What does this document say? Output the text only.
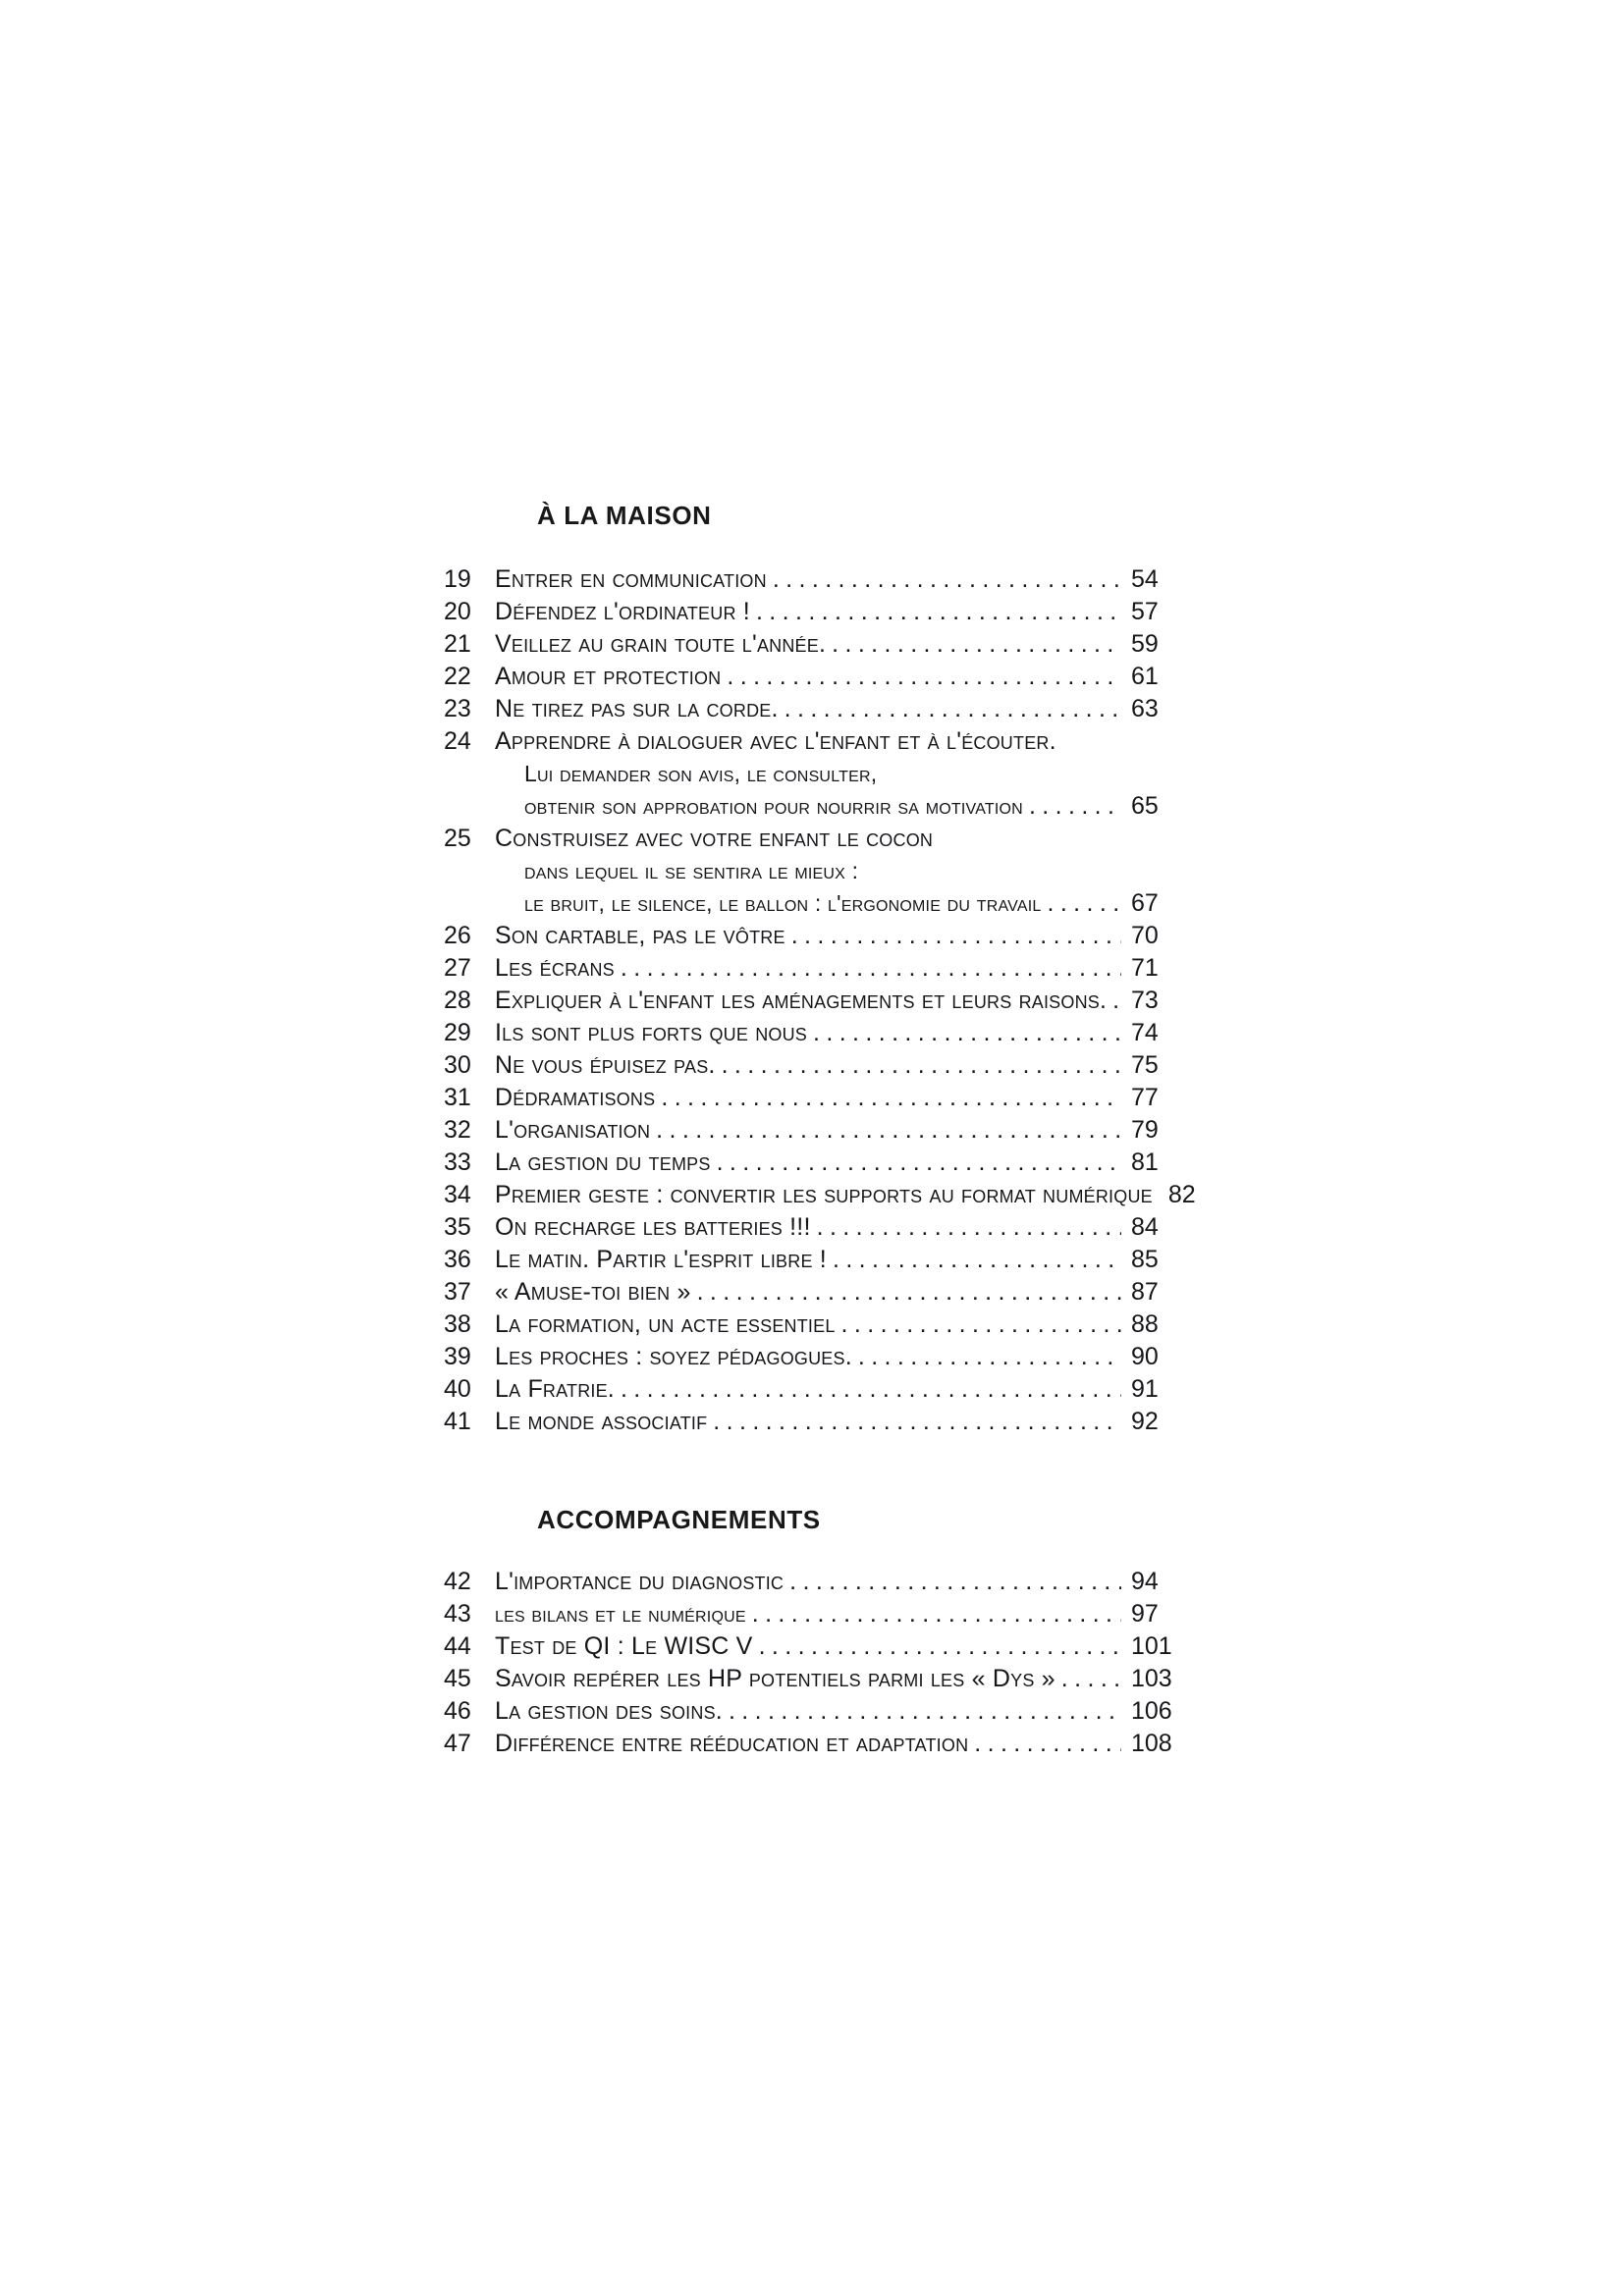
À LA MAISON
19 Entrer en communication .....	54
20 Défendez l'ordinateur ! .....	57
21 Veillez au grain toute l'année. .....	59
22 Amour et protection .....	61
23 Ne tirez pas sur la corde. .....	63
24 Apprendre à dialoguer avec l'enfant et à l'écouter.
Lui demander son avis, le consulter,
obtenir son approbation pour nourrir sa motivation .....	65
25 Construisez avec votre enfant le cocon
dans lequel il se sentira le mieux :
le bruit, le silence, le ballon : l'ergonomie du travail .....	67
26 Son cartable, pas le vôtre .....	70
27 Les écrans .....	71
28 Expliquer à l'enfant les aménagements et leurs raisons. ..... 73
29 Ils sont plus forts que nous .....	74
30 Ne vous épuisez pas. .....	75
31 Dédramatisons .....	77
32 L'organisation .....	79
33 La gestion du temps .....	81
34 Premier geste : convertir les supports au format numérique 82
35 On recharge les batteries !!! .....	84
36 Le matin. Partir l'esprit libre ! .....	85
37 « Amuse-toi bien » .....	87
38 La formation, un acte essentiel .....	88
39 Les proches : soyez pédagogues. .....	90
40 La Fratrie. .....	91
41 Le monde associatif .....	92
ACCOMPAGNEMENTS
42 L'importance du diagnostic .....	94
43	les bilans et le numérique .....	97
44 Test de QI : Le WISC V .....	101
45 Savoir repérer les HP potentiels parmi les « Dys » .....	103
46 La gestion des soins. .....	106
47 Différence entre rééducation et adaptation .....	108
